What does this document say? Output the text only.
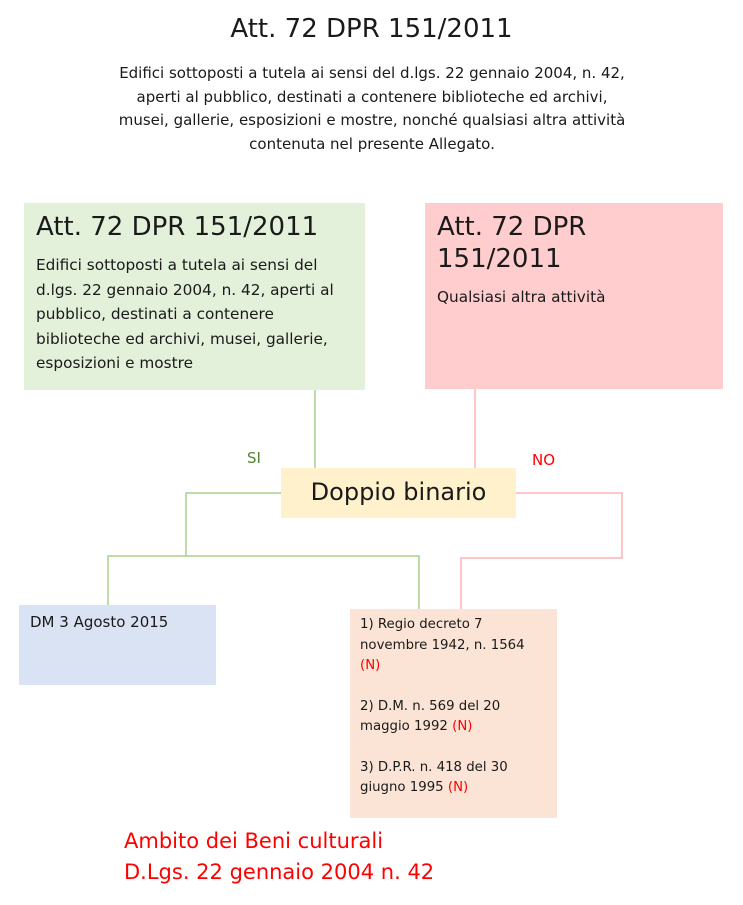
Att. 72 DPR 151/2011
Edifici sottoposti a tutela ai sensi del d.lgs. 22 gennaio 2004, n. 42, aperti al pubblico, destinati a contenere biblioteche ed archivi, musei, gallerie, esposizioni e mostre, nonché qualsiasi altra attività contenuta nel presente Allegato.
Att. 72 DPR 151/2011
Edifici sottoposti a tutela ai sensi del d.lgs. 22 gennaio 2004, n. 42, aperti al pubblico, destinati a contenere biblioteche ed archivi, musei, gallerie, esposizioni e mostre
Att. 72 DPR 151/2011
Qualsiasi altra attività
SI	NO
Doppio binario
DM 3 Agosto 2015	1) Regio decreto 7 novembre 1942, n. 1564 (N)

2) D.M. n. 569 del 20 maggio 1992 (N)

3) D.P.R. n. 418 del 30 giugno 1995 (N)

Ambito dei Beni culturali
D.Lgs. 22 gennaio 2004 n. 42
